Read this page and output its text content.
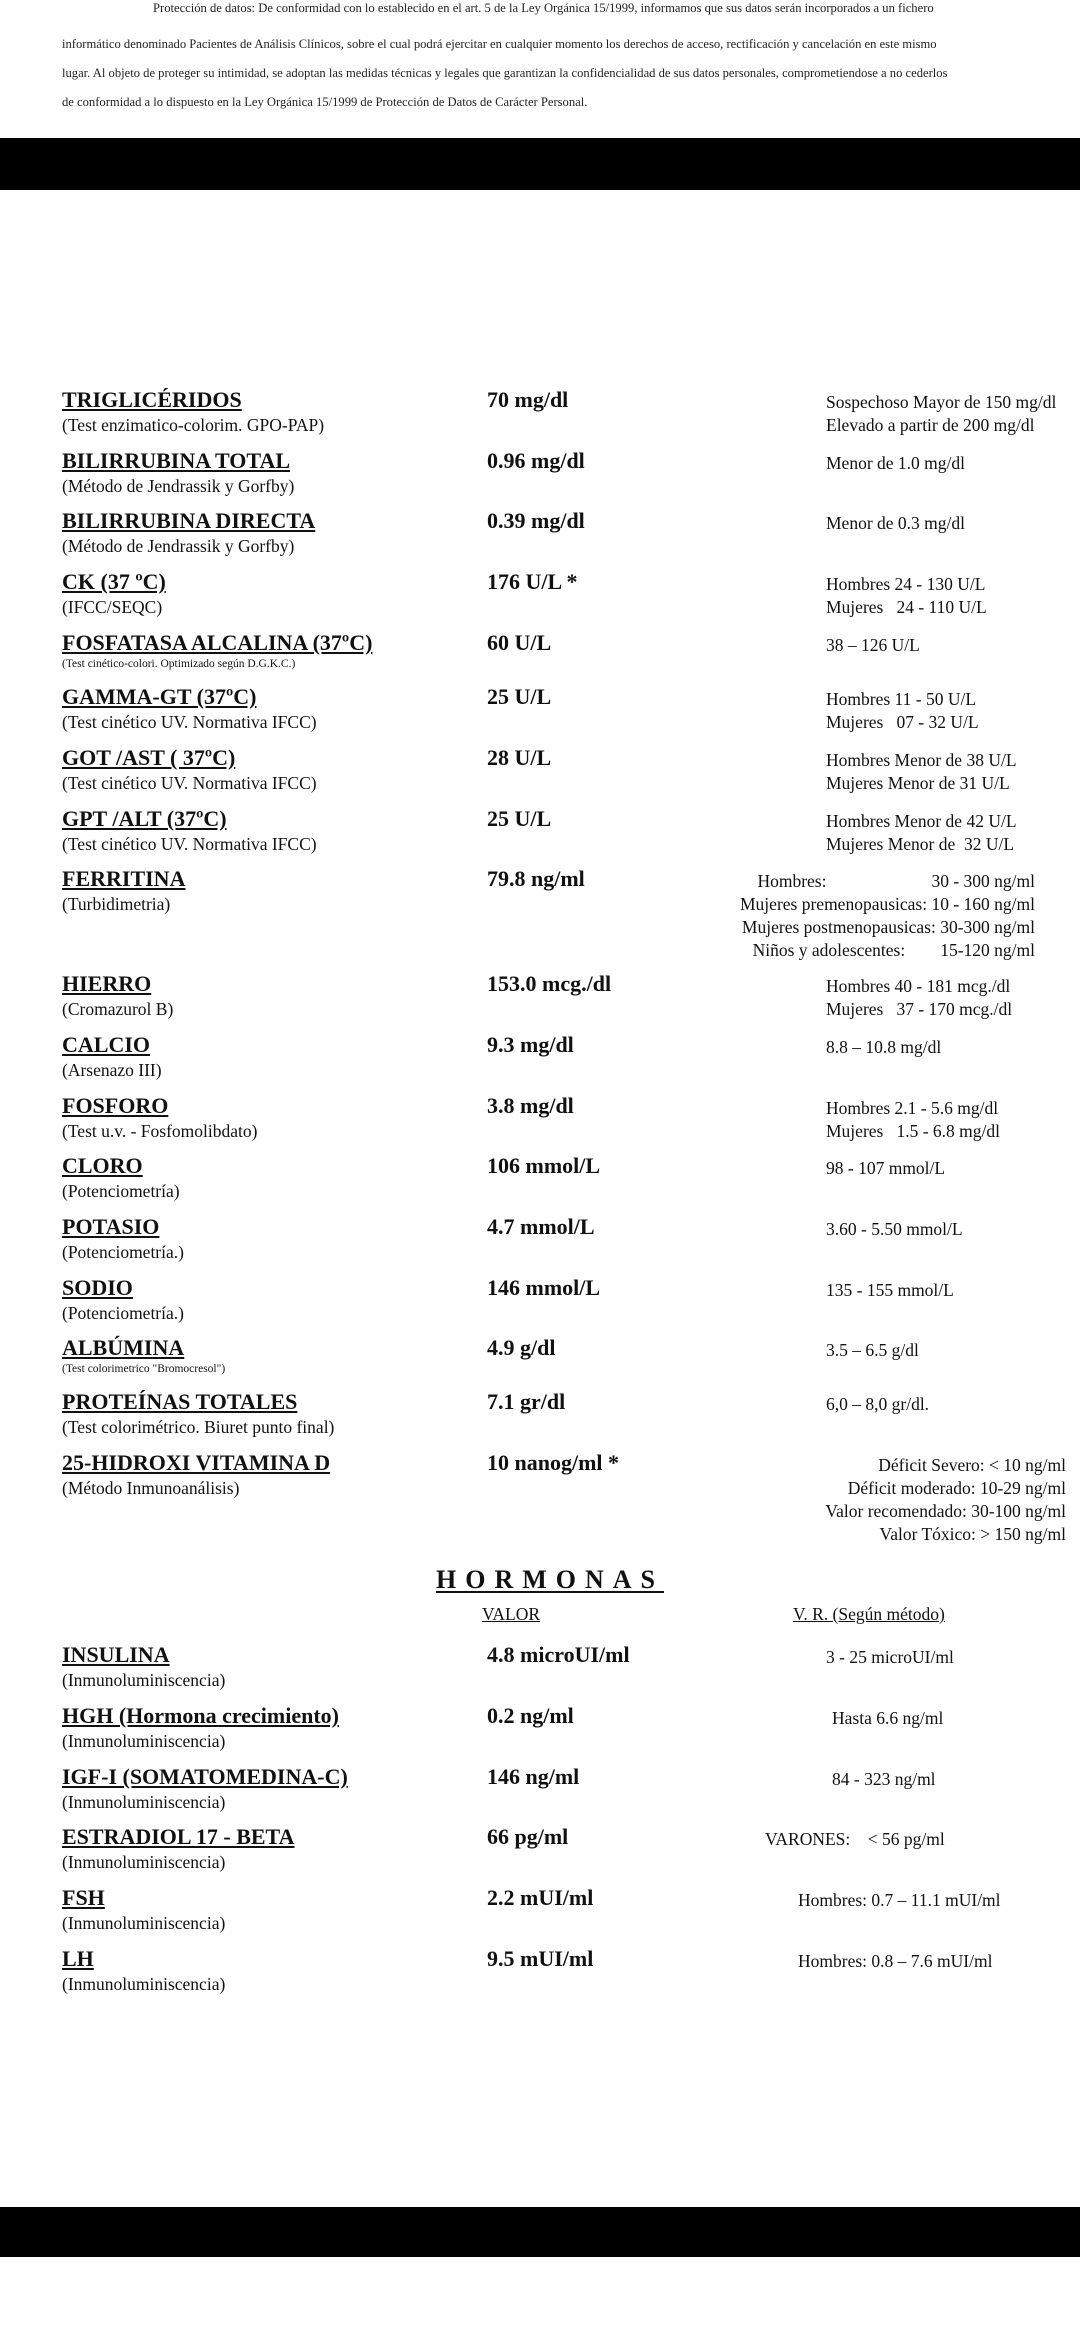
Protección de datos: De conformidad con lo establecido en el art. 5 de la Ley Orgánica 15/1999, informamos que sus datos serán incorporados a un fichero
informático denominado Pacientes de Análisis Clínicos, sobre el cual podrá ejercitar en cualquier momento los derechos de acceso, rectificación y cancelación en este mismo
lugar. Al objeto de proteger su intimidad, se adoptan las medidas técnicas y legales que garantizan la confidencialidad de sus datos personales, comprometiendose a no cederlos
de conformidad a lo dispuesto en la Ley Orgánica 15/1999 de Protección de Datos de Carácter Personal.
TRIGLICÉRIDOS
(Test enzimatico-colorim. GPO-PAP)
70 mg/dl	Sospechoso Mayor de 150 mg/dl
Elevado a partir de 200 mg/dl
BILIRRUBINA TOTAL
(Método de Jendrassik y Gorfby)
0.96 mg/dl	Menor de 1.0 mg/dl
BILIRRUBINA DIRECTA
(Método de Jendrassik y Gorfby)
0.39 mg/dl	Menor de 0.3 mg/dl
CK (37 ºC)
(IFCC/SEQC)
176 U/L *	Hombres 24 - 130 U/L
Mujeres   24 - 110 U/L
FOSFATASA ALCALINA (37ºC)
(Test cinético-colori. Optimizado según D.G.K.C.)
60 U/L	38 – 126 U/L
GAMMA-GT (37ºC)
(Test cinético UV. Normativa IFCC)
25 U/L	Hombres 11 - 50 U/L
Mujeres   07 - 32 U/L
GOT /AST ( 37ºC)
(Test cinético UV. Normativa IFCC)
28 U/L	Hombres Menor de 38 U/L
Mujeres Menor de 31 U/L
GPT /ALT (37ºC)
(Test cinético UV. Normativa IFCC)
25 U/L	Hombres Menor de 42 U/L
Mujeres Menor de  32 U/L
FERRITINA
(Turbidimetria)
79.8 ng/ml	Hombres:                        30 - 300 ng/ml
Mujeres premenopausicas: 10 - 160 ng/ml
Mujeres postmenopausicas: 30-300 ng/ml
Niños y adolescentes:        15-120 ng/ml
HIERRO
(Cromazurol B)
153.0 mcg./dl	Hombres 40 - 181 mcg./dl
Mujeres   37 - 170 mcg./dl
CALCIO
(Arsenazo III)
9.3 mg/dl	8.8 – 10.8 mg/dl
FOSFORO
(Test u.v. - Fosfomolibdato)
3.8 mg/dl	Hombres 2.1 - 5.6 mg/dl
Mujeres   1.5 - 6.8 mg/dl
CLORO
(Potenciometría)
106 mmol/L	98 - 107 mmol/L
POTASIO
(Potenciometría.)
4.7 mmol/L	3.60 - 5.50 mmol/L
SODIO
(Potenciometría.)
146 mmol/L	135 - 155 mmol/L
ALBÚMINA
(Test colorimetrico "Bromocresol")
4.9 g/dl	3.5 – 6.5 g/dl
PROTEÍNAS TOTALES
(Test colorimétrico. Biuret punto final)
7.1 gr/dl	6,0 – 8,0 gr/dl.
25-HIDROXI VITAMINA D
(Método Inmunoanálisis)
10 nanog/ml *	Déficit Severo: < 10 ng/ml
Déficit moderado: 10-29 ng/ml
Valor recomendado: 30-100 ng/ml
Valor Tóxico: > 150 ng/ml
HORMONAS
VALOR	V. R. (Según método)
INSULINA
(Inmunoluminiscencia)
4.8 microUI/ml	3 - 25 microUI/ml
HGH (Hormona crecimiento)
(Inmunoluminiscencia)
0.2 ng/ml	Hasta 6.6 ng/ml
IGF-I (SOMATOMEDINA-C)
(Inmunoluminiscencia)
146 ng/ml	84 - 323 ng/ml
ESTRADIOL 17 - BETA
(Inmunoluminiscencia)
66 pg/ml	VARONES:    < 56 pg/ml
FSH
(Inmunoluminiscencia)
2.2 mUI/ml	Hombres: 0.7 – 11.1 mUI/ml
LH
(Inmunoluminiscencia)
9.5 mUI/ml	Hombres: 0.8 – 7.6 mUI/ml
